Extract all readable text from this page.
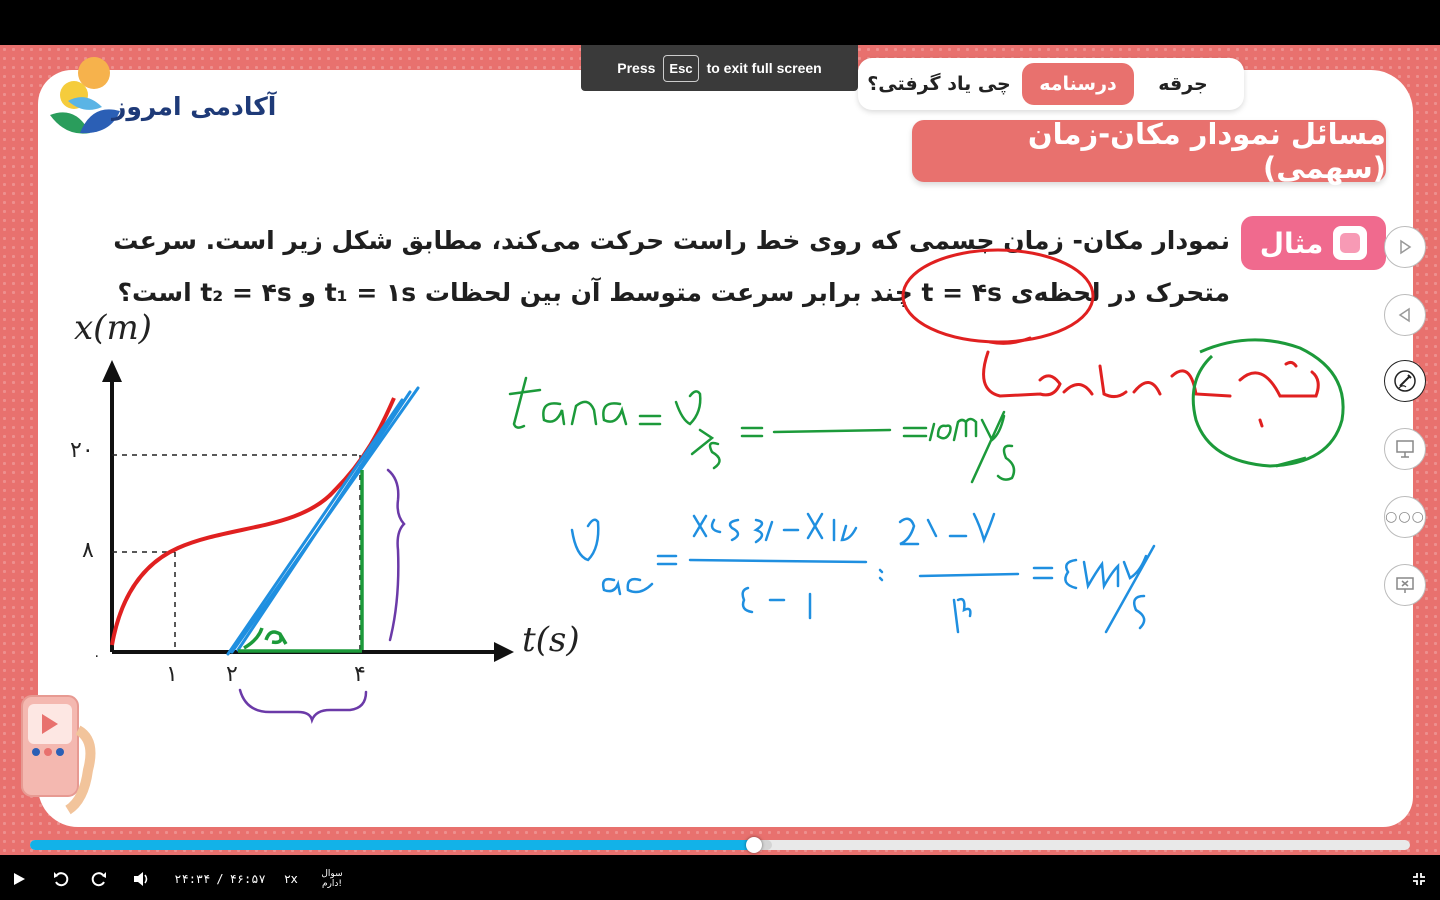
آکادمی امروز
Press	Esc	to exit full screen
جرقه
درسنامه
چی یاد گرفتی؟
مسائل نمودار مکان-زمان (سهمی)
مثال
نمودار مکان- زمان جسمی که روی خط راست حرکت می‌کند، مطابق شکل زیر است. سرعت
متحرک در لحظه‌ی t = ۴s چند برابر سرعت متوسط آن بین لحظات t₁ = ۱s و t₂ = ۴s است؟
x(m)
t(s)
۲۰
۸
۰
۱ ۲	۴
○○○
۲۴:۳۴ / ۴۶:۵۷	۲x	سوال
دارم!
